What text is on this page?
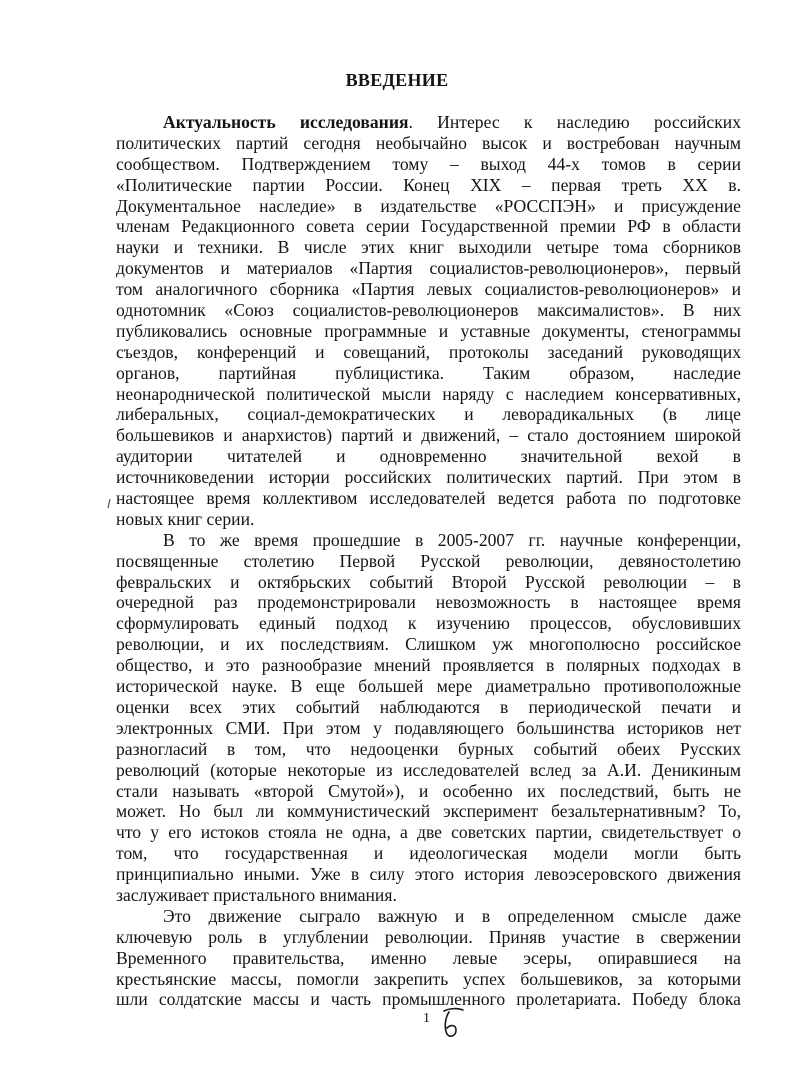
ВВЕДЕНИЕ
Актуальность исследования. Интерес к наследию российских
политических партий сегодня необычайно высок и востребован научным
сообществом. Подтверждением тому – выход 44-х томов в серии
«Политические партии России. Конец XIX – первая треть XX в.
Документальное наследие» в издательстве «РОССПЭН» и присуждение
членам Редакционного совета серии Государственной премии РФ в области
науки и техники. В числе этих книг выходили четыре тома сборников
документов и материалов «Партия социалистов-революционеров», первый
том аналогичного сборника «Партия левых социалистов-революционеров» и
однотомник «Союз социалистов-революционеров максималистов». В них
публиковались основные программные и уставные документы, стенограммы
съездов, конференций и совещаний, протоколы заседаний руководящих
органов, партийная публицистика. Таким образом, наследие
неонароднической политической мысли наряду с наследием консервативных,
либеральных, социал-демократических и леворадикальных (в лице
большевиков и анархистов) партий и движений, – стало достоянием широкой
аудитории читателей и одновременно значительной вехой в
источниковедении истории российских политических партий. При этом в
настоящее время коллективом исследователей ведется работа по подготовке
новых книг серии.
В то же время прошедшие в 2005-2007 гг. научные конференции,
посвященные столетию Первой Русской революции, девяностолетию
февральских и октябрьских событий Второй Русской революции – в
очередной раз продемонстрировали невозможность в настоящее время
сформулировать единый подход к изучению процессов, обусловивших
революции, и их последствиям. Слишком уж многополюсно российское
общество, и это разнообразие мнений проявляется в полярных подходах в
исторической науке. В еще большей мере диаметрально противоположные
оценки всех этих событий наблюдаются в периодической печати и
электронных СМИ. При этом у подавляющего большинства историков нет
разногласий в том, что недооценки бурных событий обеих Русских
революций (которые некоторые из исследователей вслед за А.И. Деникиным
стали называть «второй Смутой»), и особенно их последствий, быть не
может. Но был ли коммунистический эксперимент безальтернативным? То,
что у его истоков стояла не одна, а две советских партии, свидетельствует о
том, что государственная и идеологическая модели могли быть
принципиально иными. Уже в силу этого история левоэсеровского движения
заслуживает пристального внимания.
Это движение сыграло важную и в определенном смысле даже
ключевую роль в углублении революции. Приняв участие в свержении
Временного правительства, именно левые эсеры, опиравшиеся на
крестьянские массы, помогли закрепить успех большевиков, за которыми
шли солдатские массы и часть промышленного пролетариата. Победу блока
1
